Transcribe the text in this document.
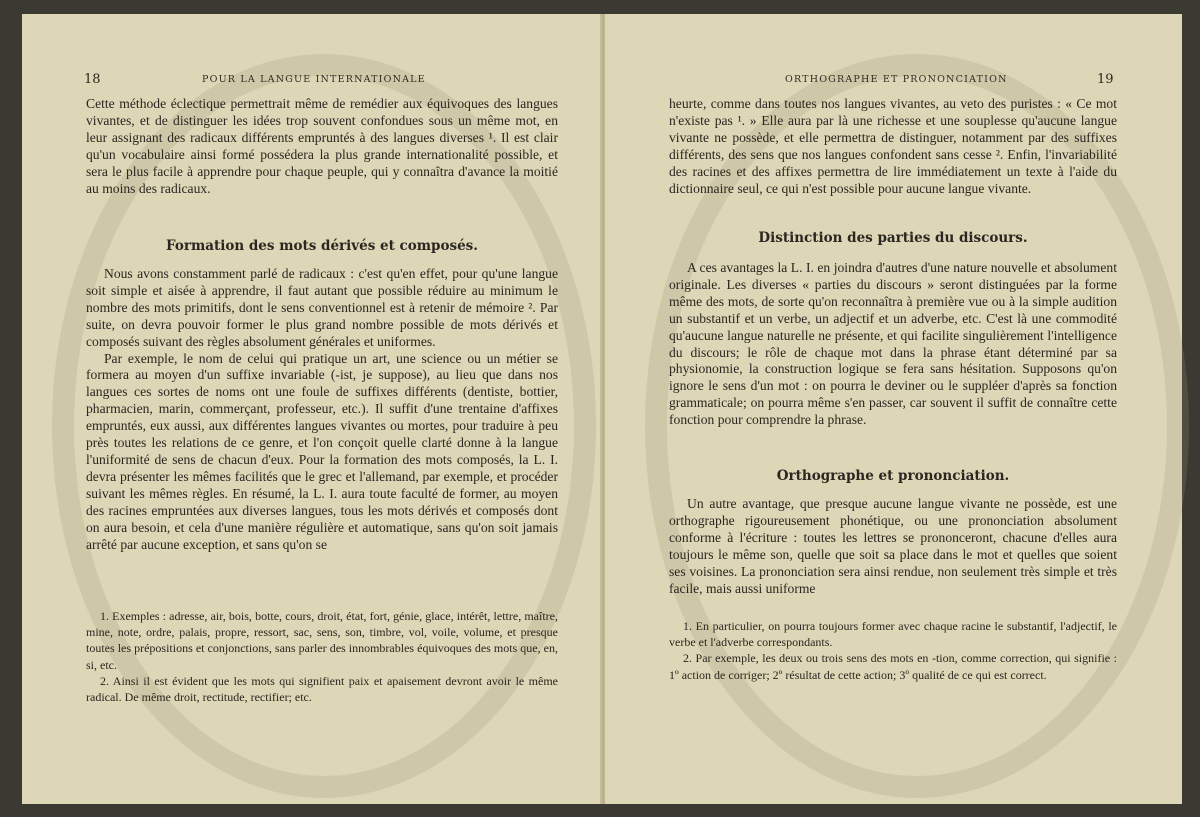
18	POUR LA LANGUE INTERNATIONALE

Cette méthode éclectique permettrait même de remédier aux équivoques des langues vivantes, et de distinguer les idées trop souvent confondues sous un même mot, en leur assignant des radicaux différents empruntés à des langues diverses ¹. Il est clair qu'un vocabulaire ainsi formé possédera la plus grande internationalité possible, et sera le plus facile à apprendre pour chaque peuple, qui y connaîtra d'avance la moitié au moins des radicaux.

Formation des mots dérivés et composés.

Nous avons constamment parlé de radicaux : c'est qu'en effet, pour qu'une langue soit simple et aisée à apprendre, il faut autant que possible réduire au minimum le nombre des mots primitifs, dont le sens conventionnel est à retenir de mémoire ². Par suite, on devra pouvoir former le plus grand nombre possible de mots dérivés et composés suivant des règles absolument générales et uniformes.

Par exemple, le nom de celui qui pratique un art, une science ou un métier se formera au moyen d'un suffixe invariable (-ist, je suppose), au lieu que dans nos langues ces sortes de noms ont une foule de suffixes différents (dentiste, bottier, pharmacien, marin, commerçant, professeur, etc.). Il suffit d'une trentaine d'affixes empruntés, eux aussi, aux différentes langues vivantes ou mortes, pour traduire à peu près toutes les relations de ce genre, et l'on conçoit quelle clarté donne à la langue l'uniformité de sens de chacun d'eux. Pour la formation des mots composés, la L. I. devra présenter les mêmes facilités que le grec et l'allemand, par exemple, et procéder suivant les mêmes règles. En résumé, la L. I. aura toute faculté de former, au moyen des racines empruntées aux diverses langues, tous les mots dérivés et composés dont on aura besoin, et cela d'une manière régulière et automatique, sans qu'on soit jamais arrêté par aucune exception, et sans qu'on se

1. Exemples : adresse, air, bois, botte, cours, droit, état, fort, génie, glace, intérêt, lettre, maître, mine, note, ordre, palais, propre, ressort, sac, sens, son, timbre, vol, voile, volume, et presque toutes les prépositions et conjonctions, sans parler des innombrables équivoques des mots que, en, si, etc.

2. Ainsi il est évident que les mots qui signifient paix et apaisement devront avoir le même radical. De même droit, rectitude, rectifier; etc.

ORTHOGRAPHE ET PRONONCIATION	19

heurte, comme dans toutes nos langues vivantes, au veto des puristes : « Ce mot n'existe pas ¹. » Elle aura par là une richesse et une souplesse qu'aucune langue vivante ne possède, et elle permettra de distinguer, notamment par des suffixes différents, des sens que nos langues confondent sans cesse ². Enfin, l'invariabilité des racines et des affixes permettra de lire immédiatement un texte à l'aide du dictionnaire seul, ce qui n'est possible pour aucune langue vivante.

Distinction des parties du discours.

A ces avantages la L. I. en joindra d'autres d'une nature nouvelle et absolument originale. Les diverses « parties du discours » seront distinguées par la forme même des mots, de sorte qu'on reconnaîtra à première vue ou à la simple audition un substantif et un verbe, un adjectif et un adverbe, etc. C'est là une commodité qu'aucune langue naturelle ne présente, et qui facilite singulièrement l'intelligence du discours; le rôle de chaque mot dans la phrase étant déterminé par sa physionomie, la construction logique se fera sans hésitation. Supposons qu'on ignore le sens d'un mot : on pourra le deviner ou le suppléer d'après sa fonction grammaticale; on pourra même s'en passer, car souvent il suffit de connaître cette fonction pour comprendre la phrase.

Orthographe et prononciation.

Un autre avantage, que presque aucune langue vivante ne possède, est une orthographe rigoureusement phonétique, ou une prononciation absolument conforme à l'écriture : toutes les lettres se prononceront, chacune d'elles aura toujours le même son, quelle que soit sa place dans le mot et quelles que soient ses voisines. La prononciation sera ainsi rendue, non seulement très simple et très facile, mais aussi uniforme

1. En particulier, on pourra toujours former avec chaque racine le substantif, l'adjectif, le verbe et l'adverbe correspondants.

2. Par exemple, les deux ou trois sens des mots en -tion, comme correction, qui signifie : 1º action de corriger; 2º résultat de cette action; 3º qualité de ce qui est correct.
